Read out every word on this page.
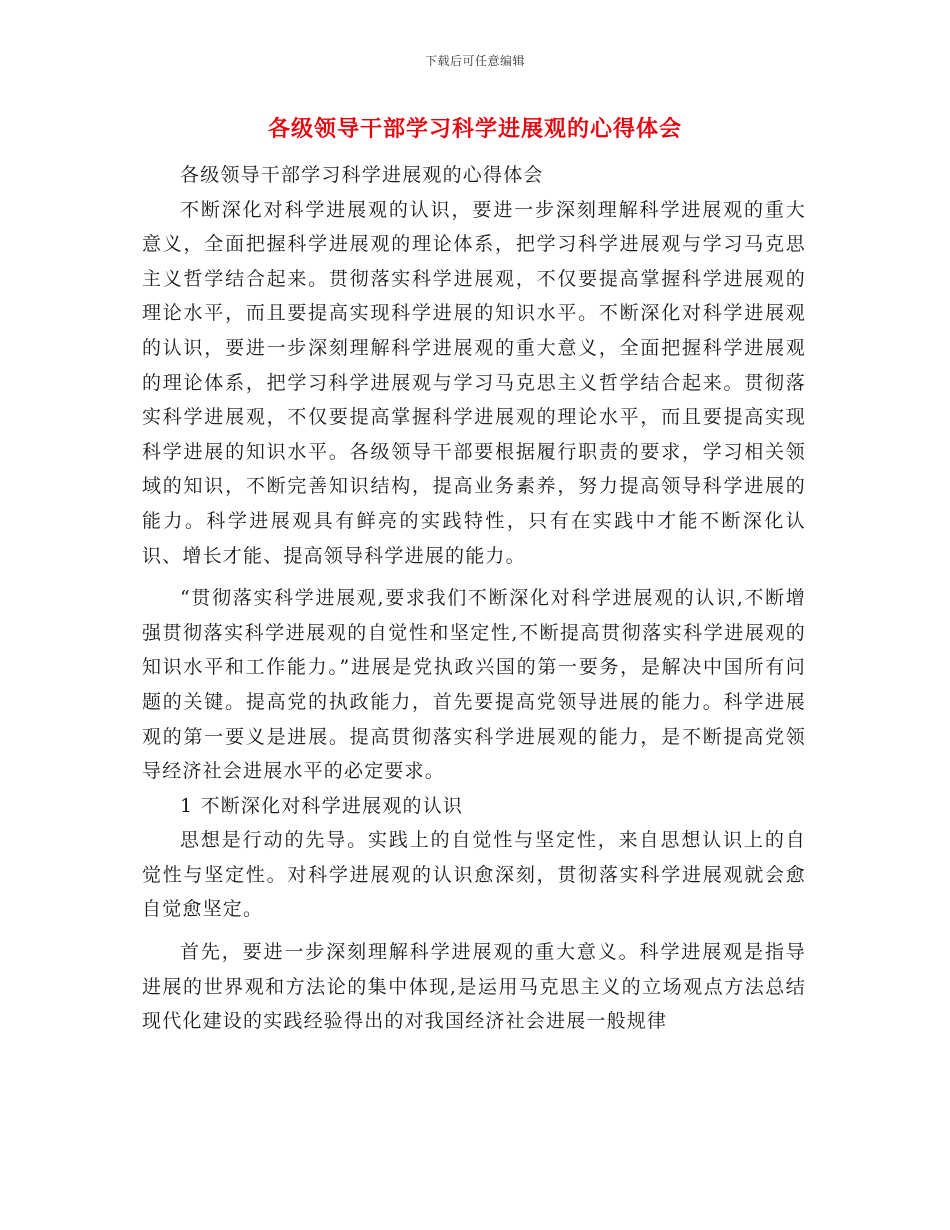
下载后可任意编辑
各级领导干部学习科学进展观的心得体会

各级领导干部学习科学进展观的心得体会

不断深化对科学进展观的认识，要进一步深刻理解科学进展观的重大意义，全面把握科学进展观的理论体系，把学习科学进展观与学习马克思主义哲学结合起来。贯彻落实科学进展观，不仅要提高掌握科学进展观的理论水平，而且要提高实现科学进展的知识水平。不断深化对科学进展观的认识，要进一步深刻理解科学进展观的重大意义，全面把握科学进展观的理论体系，把学习科学进展观与学习马克思主义哲学结合起来。贯彻落实科学进展观，不仅要提高掌握科学进展观的理论水平，而且要提高实现科学进展的知识水平。各级领导干部要根据履行职责的要求，学习相关领域的知识，不断完善知识结构，提高业务素养，努力提高领导科学进展的能力。科学进展观具有鲜亮的实践特性，只有在实践中才能不断深化认识、增长才能、提高领导科学进展的能力。

“贯彻落实科学进展观,要求我们不断深化对科学进展观的认识,不断增强贯彻落实科学进展观的自觉性和坚定性,不断提高贯彻落实科学进展观的知识水平和工作能力。”进展是党执政兴国的第一要务，是解决中国所有问题的关键。提高党的执政能力，首先要提高党领导进展的能力。科学进展观的第一要义是进展。提高贯彻落实科学进展观的能力，是不断提高党领导经济社会进展水平的必定要求。

1 不断深化对科学进展观的认识

思想是行动的先导。实践上的自觉性与坚定性，来自思想认识上的自觉性与坚定性。对科学进展观的认识愈深刻，贯彻落实科学进展观就会愈自觉愈坚定。

首先，要进一步深刻理解科学进展观的重大意义。科学进展观是指导进展的世界观和方法论的集中体现,是运用马克思主义的立场观点方法总结现代化建设的实践经验得出的对我国经济社会进展一般规律
